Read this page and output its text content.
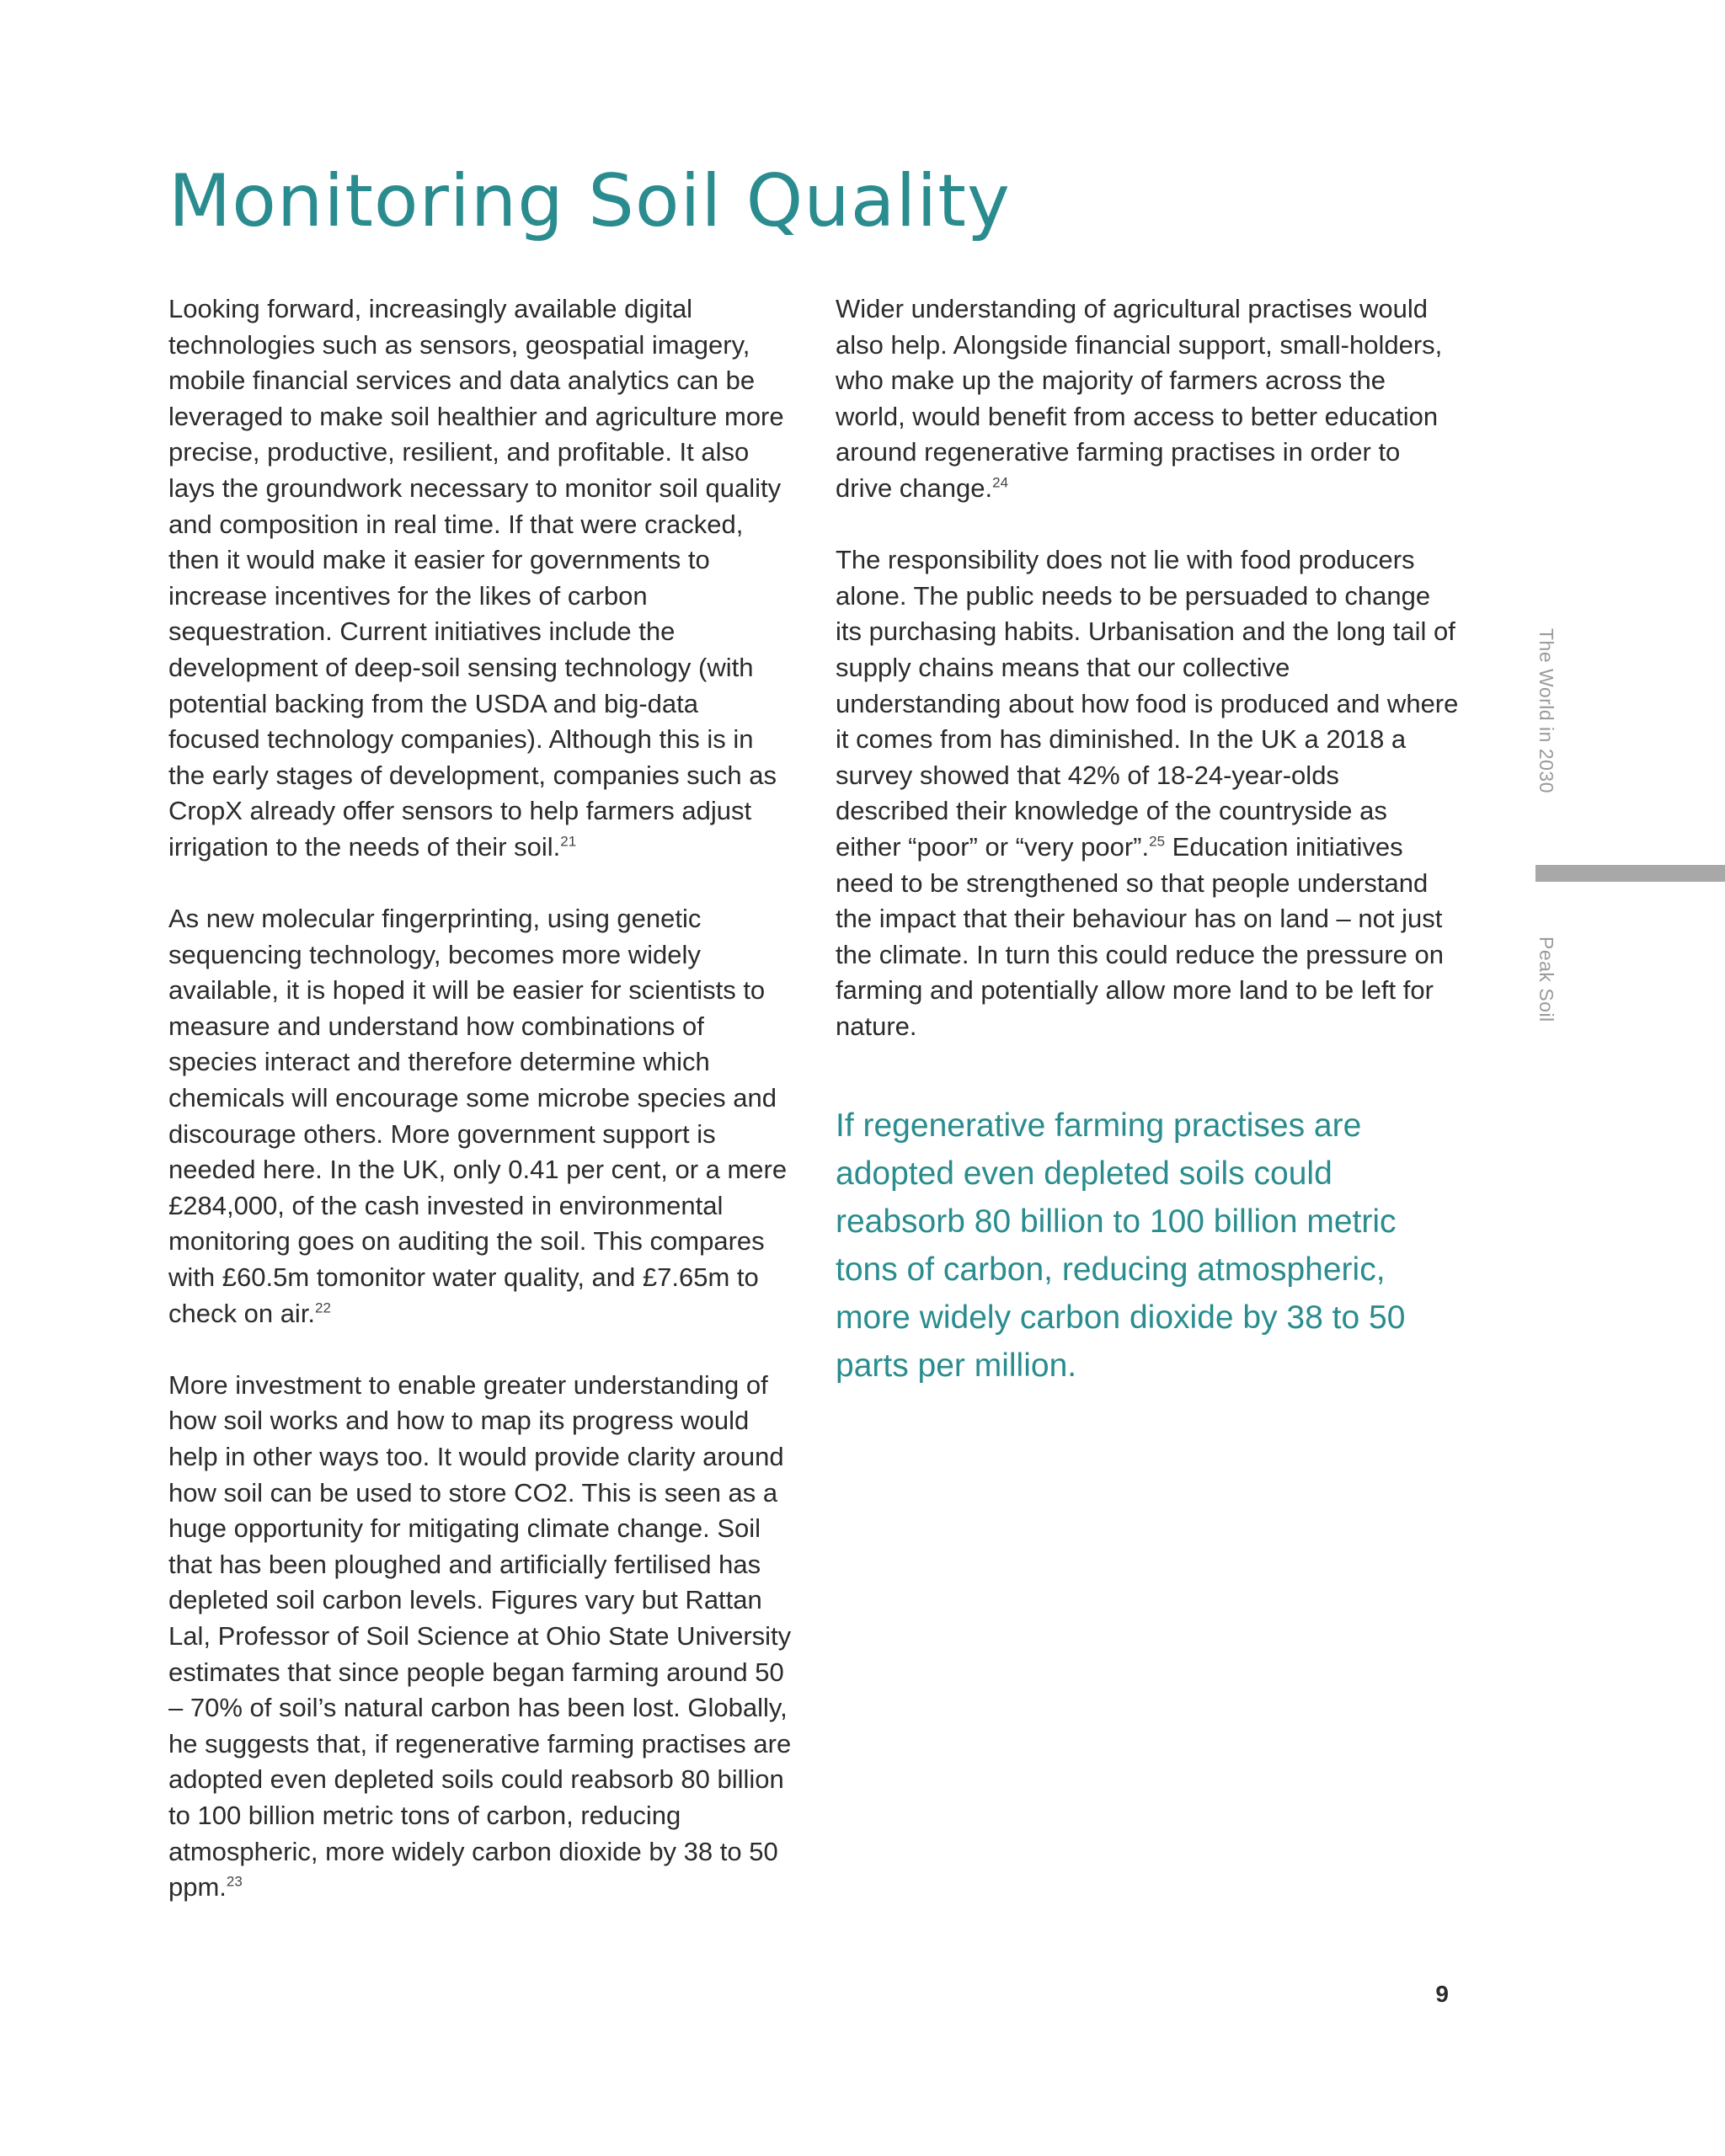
Monitoring Soil Quality

Looking forward, increasingly available digital technologies such as sensors, geospatial imagery, mobile financial services and data analytics can be leveraged to make soil healthier and agriculture more precise, productive, resilient, and profitable. It also lays the groundwork necessary to monitor soil quality and composition in real time. If that were cracked, then it would make it easier for governments to increase incentives for the likes of carbon sequestration. Current initiatives include the development of deep-soil sensing technology (with potential backing from the USDA and big-data focused technology companies). Although this is in the early stages of development, companies such as CropX already offer sensors to help farmers adjust irrigation to the needs of their soil.$^{21}$

As new molecular fingerprinting, using genetic sequencing technology, becomes more widely available, it is hoped it will be easier for scientists to measure and understand how combinations of species interact and therefore determine which chemicals will encourage some microbe species and discourage others. More government support is needed here. In the UK, only 0.41 per cent, or a mere £284,000, of the cash invested in environmental monitoring goes on auditing the soil. This compares with £60.5m tomonitor water quality, and £7.65m to check on air.$^{22}$

More investment to enable greater understanding of how soil works and how to map its progress would help in other ways too. It would provide clarity around how soil can be used to store CO2. This is seen as a huge opportunity for mitigating climate change. Soil that has been ploughed and artificially fertilised has depleted soil carbon levels. Figures vary but Rattan Lal, Professor of Soil Science at Ohio State University estimates that since people began farming around 50 – 70% of soil’s natural carbon has been lost. Globally, he suggests that, if regenerative farming practises are adopted even depleted soils could reabsorb 80 billion to 100 billion metric tons of carbon, reducing atmospheric, more widely carbon dioxide by 38 to 50 ppm.$^{23}$

Wider understanding of agricultural practises would also help. Alongside financial support, small-holders, who make up the majority of farmers across the world, would benefit from access to better education around regenerative farming practises in order to drive change.$^{24}$

The responsibility does not lie with food producers alone. The public needs to be persuaded to change its purchasing habits. Urbanisation and the long tail of supply chains means that our collective understanding about how food is produced and where it comes from has diminished. In the UK a 2018 a survey showed that 42% of 18-24-year-olds described their knowledge of the countryside as either “poor” or “very poor”.$^{25}$ Education initiatives need to be strengthened so that people understand the impact that their behaviour has on land – not just the climate. In turn this could reduce the pressure on farming and potentially allow more land to be left for nature.

If regenerative farming practises are adopted even depleted soils could reabsorb 80 billion to 100 billion metric tons of carbon, reducing atmospheric, more widely carbon dioxide by 38 to 50 parts per million.
The World in 2030
Peak Soil
9
